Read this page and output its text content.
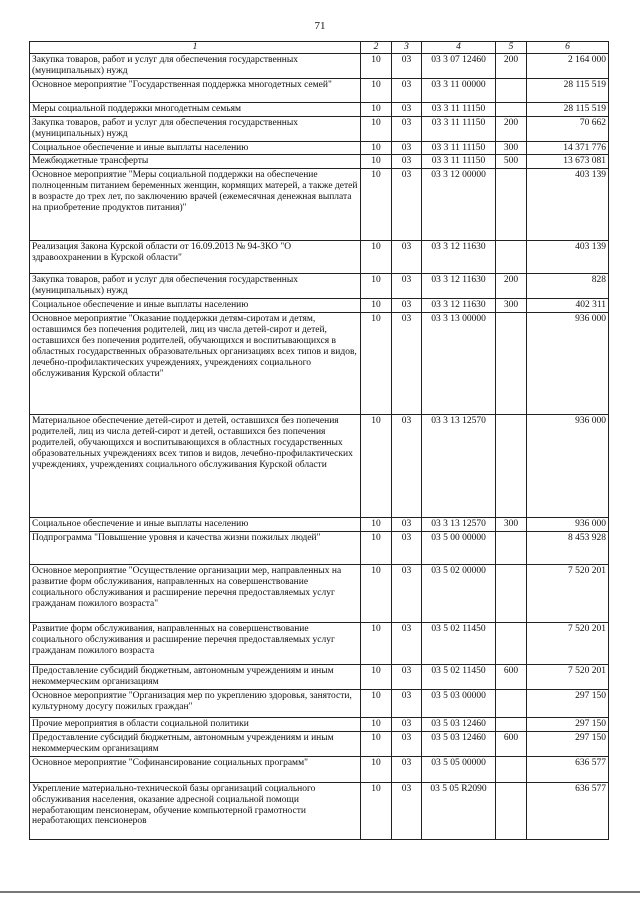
71
1	2	3	4	5	6
Закупка товаров, работ и услуг для обеспечения государственных (муниципальных) нужд	10	03	03 3 07 12460	200	2 164 000
Основное мероприятие "Государственная поддержка многодетных семей"	10	03	03 3 11 00000		28 115 519
Меры социальной поддержки многодетным семьям	10	03	03 3 11 11150		28 115 519
Закупка товаров, работ и услуг для обеспечения государственных (муниципальных) нужд	10	03	03 3 11 11150	200	70 662
Социальное обеспечение и иные выплаты населению	10	03	03 3 11 11150	300	14 371 776
Межбюджетные трансферты	10	03	03 3 11 11150	500	13 673 081
Основное мероприятие "Меры социальной поддержки на обеспечение полноценным питанием беременных женщин, кормящих матерей, а также детей в возрасте до трех лет, по заключению врачей (ежемесячная денежная выплата на приобретение продуктов питания)"	10	03	03 3 12 00000		403 139
Реализация Закона Курской области от 16.09.2013 № 94-ЗКО "О здравоохранении в Курской области"	10	03	03 3 12 11630		403 139
Закупка товаров, работ и услуг для обеспечения государственных (муниципальных) нужд	10	03	03 3 12 11630	200	828
Социальное обеспечение и иные выплаты населению	10	03	03 3 12 11630	300	402 311
Основное мероприятие "Оказание поддержки детям-сиротам и детям, оставшимся без попечения родителей, лиц из числа детей-сирот и детей, оставшихся без попечения родителей, обучающихся и воспитывающихся в областных государственных образовательных организациях всех типов и видов, лечебно-профилактических учреждениях, учреждениях социального обслуживания Курской области"	10	03	03 3 13 00000		936 000
Материальное обеспечение детей-сирот и детей, оставшихся без попечения родителей, лиц из числа детей-сирот и детей, оставшихся без попечения родителей, обучающихся и воспитывающихся в областных государственных образовательных учреждениях всех типов и видов, лечебно-профилактических учреждениях, учреждениях социального обслуживания Курской области	10	03	03 3 13 12570		936 000
Социальное обеспечение и иные выплаты населению	10	03	03 3 13 12570	300	936 000
Подпрограмма "Повышение уровня и качества жизни пожилых людей"	10	03	03 5 00 00000		8 453 928
Основное мероприятие "Осуществление организации мер, направленных на развитие форм обслуживания, направленных на совершенствование социального обслуживания и расширение перечня предоставляемых услуг гражданам пожилого возраста"	10	03	03 5 02 00000		7 520 201
Развитие форм обслуживания, направленных на совершенствование социального обслуживания и расширение перечня предоставляемых услуг гражданам пожилого возраста	10	03	03 5 02 11450		7 520 201
Предоставление субсидий бюджетным, автономным учреждениям и иным некоммерческим организациям	10	03	03 5 02 11450	600	7 520 201
Основное мероприятие "Организация мер по укреплению здоровья, занятости, культурному досугу пожилых граждан"	10	03	03 5 03 00000		297 150
Прочие мероприятия в области социальной политики	10	03	03 5 03 12460		297 150
Предоставление субсидий бюджетным, автономным учреждениям и иным некоммерческим организациям	10	03	03 5 03 12460	600	297 150
Основное мероприятие "Софинансирование социальных программ"	10	03	03 5 05 00000		636 577
Укрепление материально-технической базы организаций социального обслуживания населения, оказание адресной социальной помощи неработающим пенсионерам, обучение компьютерной грамотности неработающих пенсионеров	10	03	03 5 05 R2090		636 577
